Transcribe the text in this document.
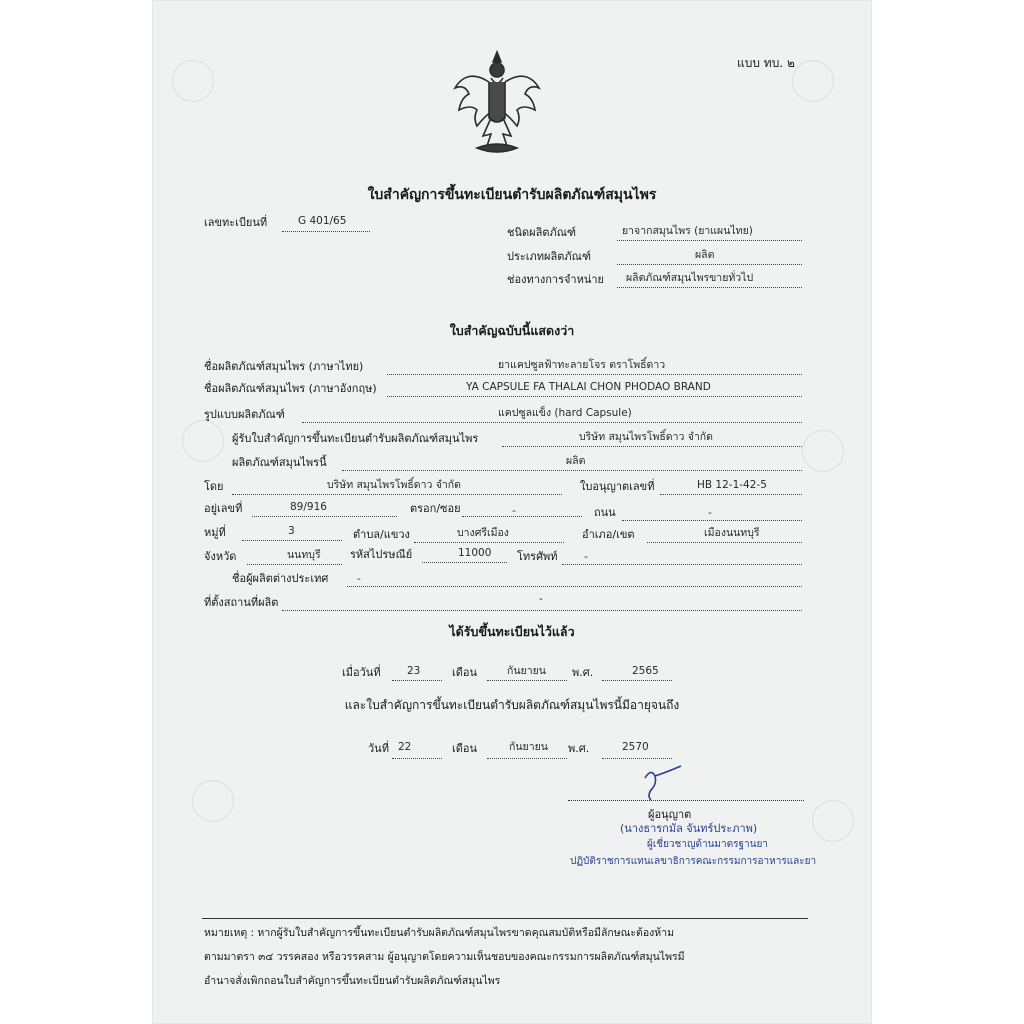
แบบ ทบ. ๒
ใบสำคัญการขึ้นทะเบียนตำรับผลิตภัณฑ์สมุนไพร
เลขทะเบียนที่	G 401/65
ชนิดผลิตภัณฑ์	ยาจากสมุนไพร (ยาแผนไทย)
ประเภทผลิตภัณฑ์	ผลิต
ช่องทางการจำหน่าย ผลิตภัณฑ์สมุนไพรขายทั่วไป
ใบสำคัญฉบับนี้แสดงว่า
ชื่อผลิตภัณฑ์สมุนไพร (ภาษาไทย)	ยาแคปซูลฟ้าทะลายโจร ตราโพธิ์ดาว
ชื่อผลิตภัณฑ์สมุนไพร (ภาษาอังกฤษ)	YA CAPSULE FA THALAI CHON PHODAO BRAND
รูปแบบผลิตภัณฑ์	แคปซูลแข็ง (hard Capsule)
ผู้รับใบสำคัญการขึ้นทะเบียนตำรับผลิตภัณฑ์สมุนไพร	บริษัท สมุนไพรโพธิ์ดาว จำกัด
ผลิตภัณฑ์สมุนไพรนี้	ผลิต
โดย	บริษัท สมุนไพรโพธิ์ดาว จำกัด	ใบอนุญาตเลขที่	HB 12-1-42-5
อยู่เลขที่	89/916	ตรอก/ซอย	-	ถนน	-
หมู่ที่	3	ตำบล/แขวง	บางศรีเมือง	อำเภอ/เขต	เมืองนนทบุรี
จังหวัด	นนทบุรี	รหัสไปรษณีย์	11000 โทรศัพท์	-
ชื่อผู้ผลิตต่างประเทศ	-
ที่ตั้งสถานที่ผลิต	-
ได้รับขึ้นทะเบียนไว้แล้ว
เมื่อวันที่	23	เดือน	กันยายน พ.ศ.	2565
และใบสำคัญการขึ้นทะเบียนตำรับผลิตภัณฑ์สมุนไพรนี้มีอายุจนถึง
วันที่ 22	เดือน	กันยายน พ.ศ.	2570
ผู้อนุญาต
(นางธารกมัล จันทร์ประภาพ)
ผู้เชี่ยวชาญด้านมาตรฐานยา
ปฏิบัติราชการแทนเลขาธิการคณะกรรมการอาหารและยา
หมายเหตุ : หากผู้รับใบสำคัญการขึ้นทะเบียนตำรับผลิตภัณฑ์สมุนไพรขาดคุณสมบัติหรือมีลักษณะต้องห้าม
ตามมาตรา ๓๔ วรรคสอง หรือวรรคสาม ผู้อนุญาตโดยความเห็นชอบของคณะกรรมการผลิตภัณฑ์สมุนไพรมี
อำนาจสั่งเพิกถอนใบสำคัญการขึ้นทะเบียนตำรับผลิตภัณฑ์สมุนไพร
